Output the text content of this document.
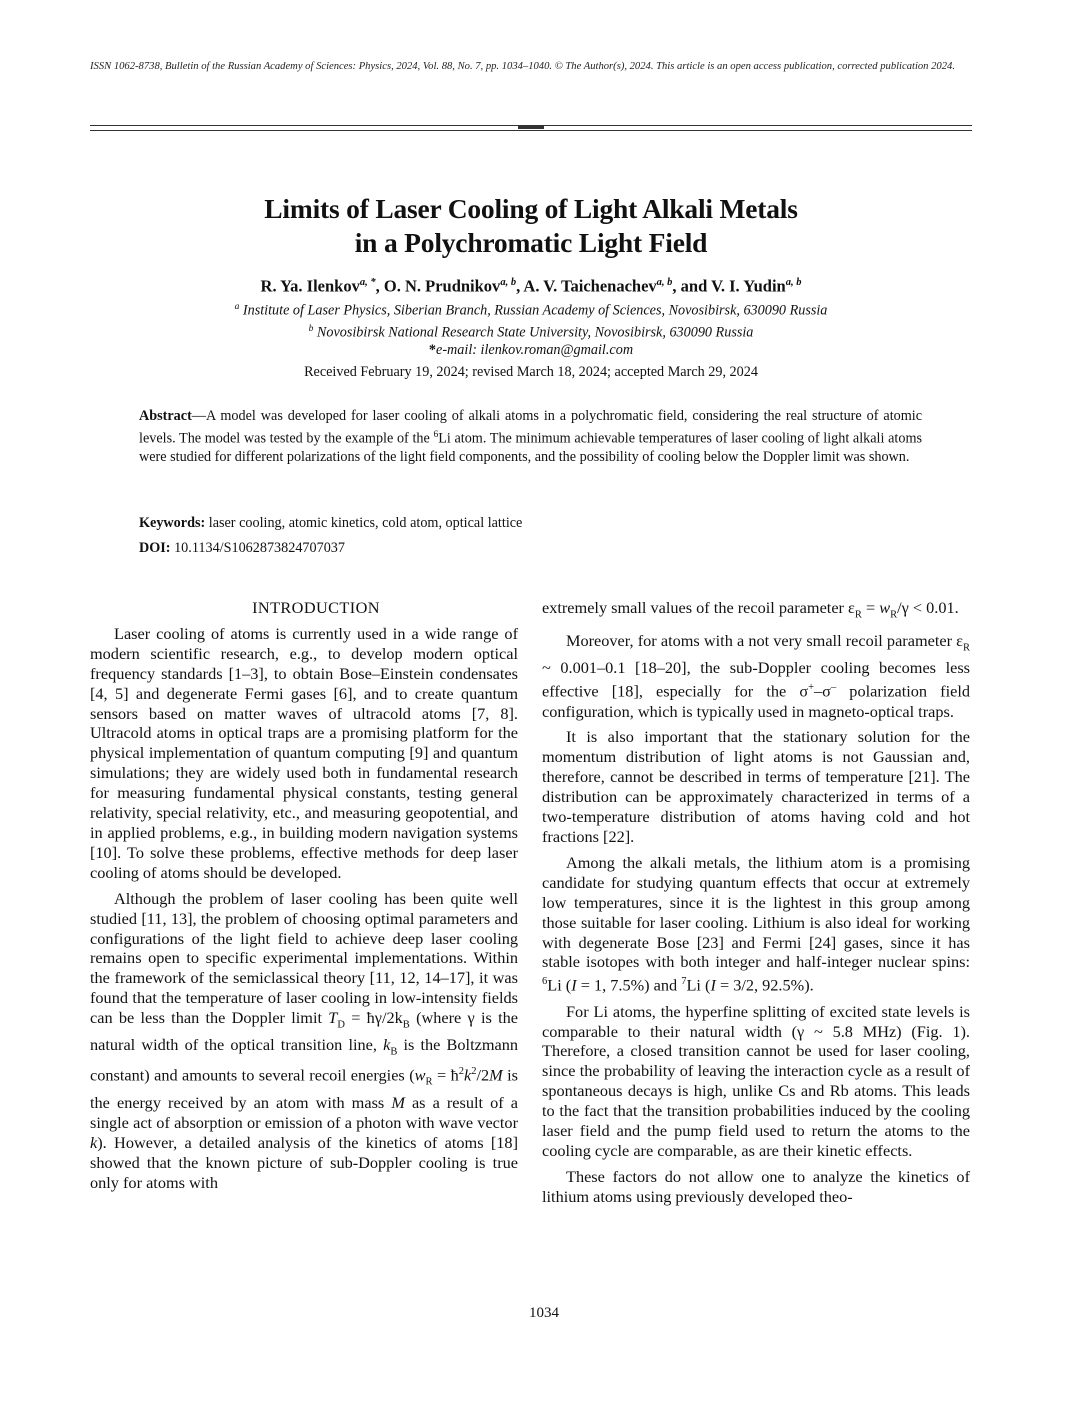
ISSN 1062-8738, Bulletin of the Russian Academy of Sciences: Physics, 2024, Vol. 88, No. 7, pp. 1034–1040. © The Author(s), 2024. This article is an open access publication, corrected publication 2024.
Limits of Laser Cooling of Light Alkali Metals
in a Polychromatic Light Field
R. Ya. Ilenkov$^{a, *}$, O. N. Prudnikov$^{a, b}$, A. V. Taichenachev$^{a, b}$, and V. I. Yudin$^{a, b}$
$^a$ Institute of Laser Physics, Siberian Branch, Russian Academy of Sciences, Novosibirsk, 630090 Russia
$^b$ Novosibirsk National Research State University, Novosibirsk, 630090 Russia
*e-mail: ilenkov.roman@gmail.com
Received February 19, 2024; revised March 18, 2024; accepted March 29, 2024
Abstract—A model was developed for laser cooling of alkali atoms in a polychromatic field, considering the real structure of atomic levels. The model was tested by the example of the $^6$Li atom. The minimum achievable temperatures of laser cooling of light alkali atoms were studied for different polarizations of the light field components, and the possibility of cooling below the Doppler limit was shown.
Keywords: laser cooling, atomic kinetics, cold atom, optical lattice
DOI: 10.1134/S1062873824707037

INTRODUCTION

Laser cooling of atoms is currently used in a wide range of modern scientific research, e.g., to develop modern optical frequency standards [1–3], to obtain Bose–Einstein condensates [4, 5] and degenerate Fermi gases [6], and to create quantum sensors based on matter waves of ultracold atoms [7, 8]. Ultracold atoms in optical traps are a promising platform for the physical implementation of quantum computing [9] and quantum simulations; they are widely used both in fundamental research for measuring fundamental physical constants, testing general relativity, special relativity, etc., and measuring geopotential, and in applied problems, e.g., in building modern navigation systems [10]. To solve these problems, effective methods for deep laser cooling of atoms should be developed.

Although the problem of laser cooling has been quite well studied [11, 13], the problem of choosing optimal parameters and configurations of the light field to achieve deep laser cooling remains open to specific experimental implementations. Within the framework of the semiclassical theory [11, 12, 14–17], it was found that the temperature of laser cooling in low-intensity fields can be less than the Doppler limit $T_D$ = $ħ\gamma/2k_B$ (where γ is the natural width of the optical transition line, $k_B$ is the Boltzmann constant) and amounts to several recoil energies ($w_R$ = $ħ^2k^2/2M$ is the energy received by an atom with mass M as a result of a single act of absorption or emission of a photon with wave vector k). However, a detailed analysis of the kinetics of atoms [18] showed that the known picture of sub-Doppler cooling is true only for atoms with

extremely small values of the recoil parameter $\varepsilon_R = w_R/\gamma < 0.01$.

Moreover, for atoms with a not very small recoil parameter $\varepsilon_R$ ~ 0.001–0.1 [18–20], the sub-Doppler cooling becomes less effective [18], especially for the σ+–σ– polarization field configuration, which is typically used in magneto-optical traps.

It is also important that the stationary solution for the momentum distribution of light atoms is not Gaussian and, therefore, cannot be described in terms of temperature [21]. The distribution can be approximately characterized in terms of a two-temperature distribution of atoms having cold and hot fractions [22].

Among the alkali metals, the lithium atom is a promising candidate for studying quantum effects that occur at extremely low temperatures, since it is the lightest in this group among those suitable for laser cooling. Lithium is also ideal for working with degenerate Bose [23] and Fermi [24] gases, since it has stable isotopes with both integer and half-integer nuclear spins: $^6$Li (I = 1, 7.5%) and $^7$Li (I = 3/2, 92.5%).

For Li atoms, the hyperfine splitting of excited state levels is comparable to their natural width (γ ~ 5.8 MHz) (Fig. 1). Therefore, a closed transition cannot be used for laser cooling, since the probability of leaving the interaction cycle as a result of spontaneous decays is high, unlike Cs and Rb atoms. This leads to the fact that the transition probabilities induced by the cooling laser field and the pump field used to return the atoms to the cooling cycle are comparable, as are their kinetic effects.

These factors do not allow one to analyze the kinetics of lithium atoms using previously developed theo-

1034
